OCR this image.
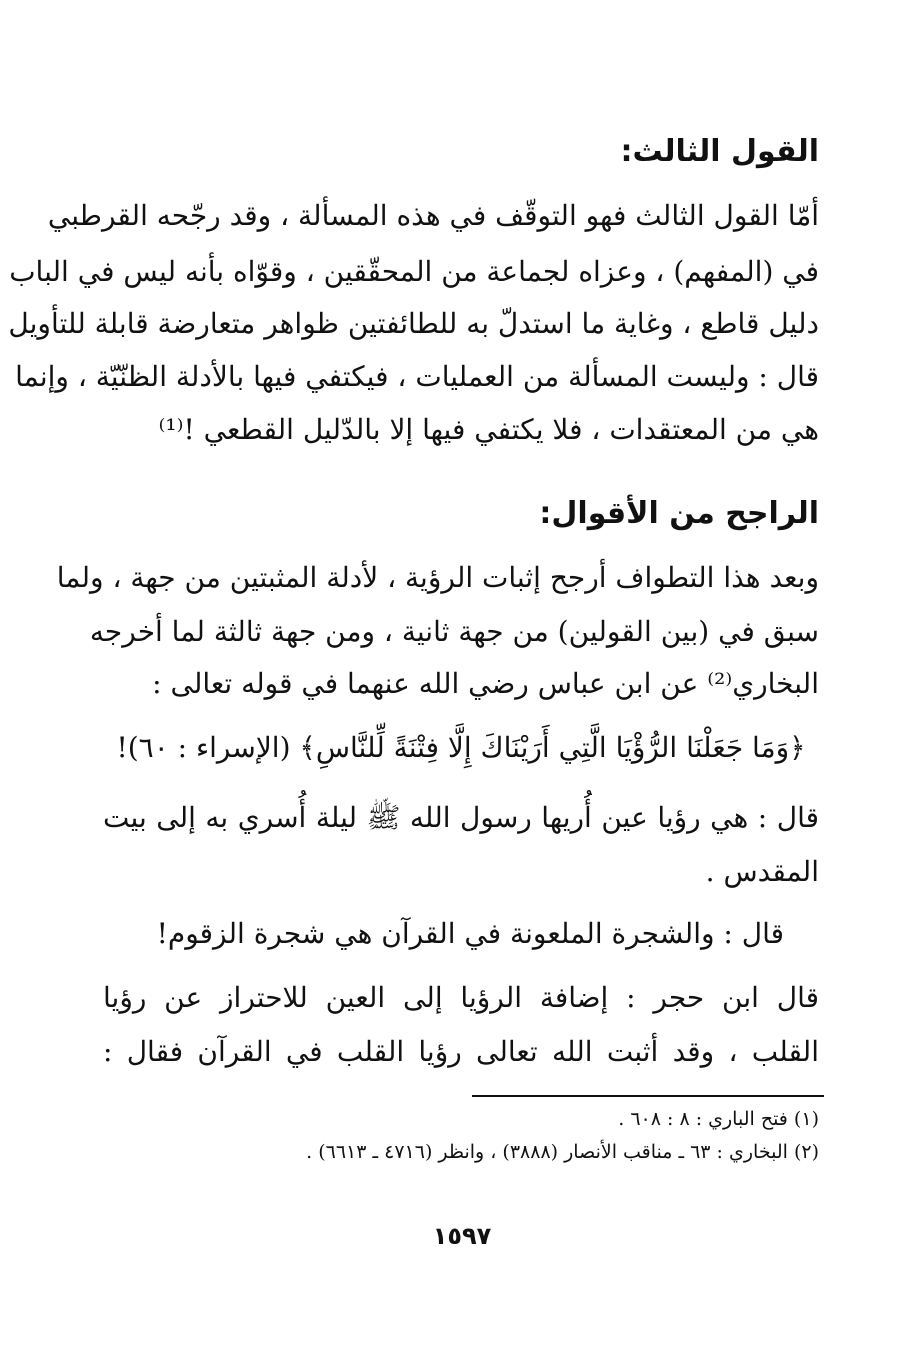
القول الثالث:
أمّا القول الثالث فهو التوقّف في هذه المسألة ، وقد رجّحه القرطبي
في (المفهم) ، وعزاه لجماعة من المحقّقين ، وقوّاه بأنه ليس في الباب
دليل قاطع ، وغاية ما استدلّ به للطائفتين ظواهر متعارضة قابلة للتأويل
قال : وليست المسألة من العمليات ، فيكتفي فيها بالأدلة الظنّيّة ، وإنما
هي من المعتقدات ، فلا يكتفي فيها إلا بالدّليل القطعي !⁽¹⁾
الراجح من الأقوال:
وبعد هذا التطواف أرجح إثبات الرؤية ، لأدلة المثبتين من جهة ، ولما
سبق في (بين القولين) من جهة ثانية ، ومن جهة ثالثة لما أخرجه
البخاري⁽²⁾ عن ابن عباس رضي الله عنهما في قوله تعالى :
﴿وَمَا جَعَلْنَا الرُّؤْيَا الَّتِي أَرَيْنَاكَ إِلَّا فِتْنَةً لِّلنَّاسِ﴾ (الإسراء : ٦٠)!
قال : هي رؤيا عين أُريها رسول الله ﷺ ليلة أُسري به إلى بيت
المقدس .
قال : والشجرة الملعونة في القرآن هي شجرة الزقوم!
قال ابن حجر : إضافة الرؤيا إلى العين للاحتراز عن رؤيا
القلب ، وقد أثبت الله تعالى رؤيا القلب في القرآن فقال :
(١) فتح الباري : ٨ : ٦٠٨ .
(٢) البخاري : ٦٣ ـ مناقب الأنصار (٣٨٨٨) ، وانظر (٤٧١٦ ـ ٦٦١٣) .
١٥٩٧
